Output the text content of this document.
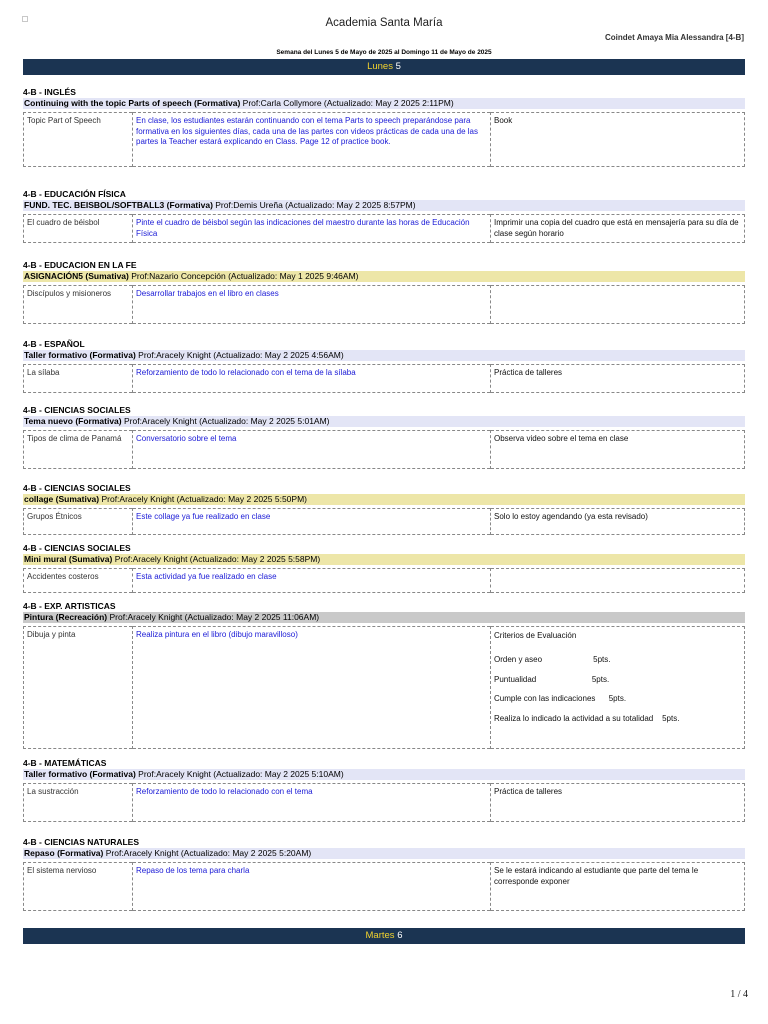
Academia Santa María
Coindet Amaya Mia Alessandra [4-B]
Semana del Lunes 5 de Mayo de 2025 al Domingo 11 de Mayo de 2025
Lunes 5
4-B - INGLÉS
Continuing with the topic Parts of speech (Formativa) Prof:Carla Collymore (Actualizado: May 2 2025 2:11PM)
Topic Part of Speech	En clase, los estudiantes estarán continuando con el tema Parts to speech preparándose para formativa en los siguientes días, cada una de las partes con videos prácticas de cada una de las partes la Teacher estará explicando en Class. Page 12 of practice book.	Book
4-B - EDUCACIÓN FÍSICA
FUND. TEC. BEISBOL/SOFTBALL3 (Formativa) Prof:Demis Ureña (Actualizado: May 2 2025 8:57PM)
El cuadro de béisbol	Pinte el cuadro de béisbol según las indicaciones del maestro durante las horas de Educación Física	Imprimir una copia del cuadro que está en mensajería para su día de clase según horario
4-B - EDUCACION EN LA FE
ASIGNACIÓN5 (Sumativa) Prof:Nazario Concepción (Actualizado: May 1 2025 9:46AM)
Discípulos y misioneros	Desarrollar trabajos en el libro en clases	
4-B - ESPAÑOL
Taller formativo (Formativa) Prof:Aracely Knight (Actualizado: May 2 2025 4:56AM)
La sílaba	Reforzamiento de todo lo relacionado con el tema de la sílaba	Práctica de talleres
4-B - CIENCIAS SOCIALES
Tema nuevo (Formativa) Prof:Aracely Knight (Actualizado: May 2 2025 5:01AM)
Tipos de clima de Panamá	Conversatorio sobre el tema	Observa video sobre el tema en clase
4-B - CIENCIAS SOCIALES
collage (Sumativa) Prof:Aracely Knight (Actualizado: May 2 2025 5:50PM)
Grupos Étnicos	Este collage ya fue realizado en clase	Solo lo estoy agendando (ya esta revisado)
4-B - CIENCIAS SOCIALES
Mini mural (Sumativa) Prof:Aracely Knight (Actualizado: May 2 2025 5:58PM)
Accidentes costeros	Esta actividad ya fue realizado en clase	
4-B - EXP. ARTISTICAS
Pintura (Recreación) Prof:Aracely Knight (Actualizado: May 2 2025 11:06AM)
Dibuja y pinta	Realiza pintura en el libro (dibujo maravilloso)	Criterios de Evaluación
Orden y aseo                       5pts.
Puntualidad                         5pts.
Cumple con las indicaciones      5pts.
Realiza lo indicado la actividad a su totalidad    5pts.
4-B - MATEMÁTICAS
Taller formativo (Formativa) Prof:Aracely Knight (Actualizado: May 2 2025 5:10AM)
La sustracción	Reforzamiento de todo lo relacionado con el tema	Práctica de talleres
4-B - CIENCIAS NATURALES
Repaso (Formativa) Prof:Aracely Knight (Actualizado: May 2 2025 5:20AM)
El sistema nervioso	Repaso de los tema para charla	Se le estará indicando al estudiante que parte del tema le corresponde exponer
Martes 6
1 / 4
